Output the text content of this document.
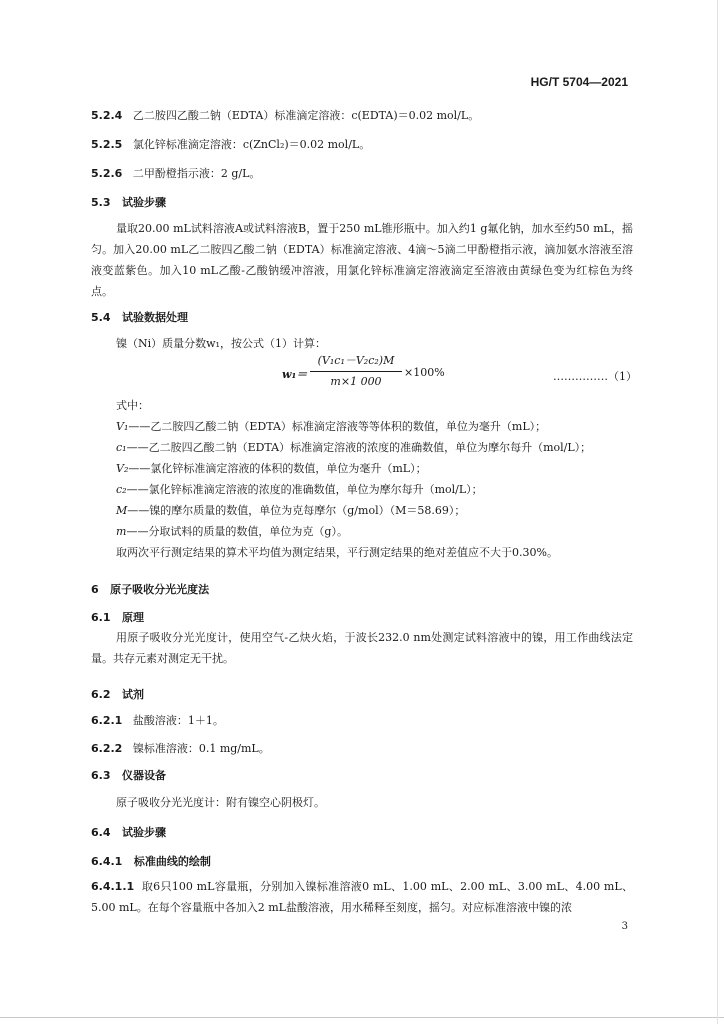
HG/T 5704—2021
5.2.4 乙二胺四乙酸二钠（EDTA）标准滴定溶液：c(EDTA)＝0.02 mol/L。
5.2.5 氯化锌标准滴定溶液：c(ZnCl₂)＝0.02 mol/L。
5.2.6 二甲酚橙指示液：2 g/L。
5.3 试验步骤
量取20.00 mL试料溶液A或试料溶液B，置于250 mL锥形瓶中。加入约1 g氟化钠，加水至约50 mL，摇匀。加入20.00 mL乙二胺四乙酸二钠（EDTA）标准滴定溶液、4滴～5滴二甲酚橙指示液，滴加氨水溶液至溶液变蓝紫色。加入10 mL乙酸-乙酸钠缓冲溶液，用氯化锌标准滴定溶液滴定至溶液由黄绿色变为红棕色为终点。
5.4 试验数据处理
镍（Ni）质量分数w₁，按公式（1）计算：
w₁＝
(V₁c₁－V₂c₂)M
m×1 000
×100%	……………（1）
式中：
V₁——乙二胺四乙酸二钠（EDTA）标准滴定溶液等等体积的数值，单位为毫升（mL）；
c₁——乙二胺四乙酸二钠（EDTA）标准滴定溶液的浓度的准确数值，单位为摩尔每升（mol/L）；
V₂——氯化锌标准滴定溶液的体积的数值，单位为毫升（mL）；
c₂——氯化锌标准滴定溶液的浓度的准确数值，单位为摩尔每升（mol/L）；
M——镍的摩尔质量的数值，单位为克每摩尔（g/mol）（M＝58.69）；
m——分取试料的质量的数值，单位为克（g）。
取两次平行测定结果的算术平均值为测定结果，平行测定结果的绝对差值应不大于0.30%。
6 原子吸收分光光度法
6.1 原理
用原子吸收分光光度计，使用空气-乙炔火焰，于波长232.0 nm处测定试料溶液中的镍，用工作曲线法定量。共存元素对测定无干扰。
6.2 试剂
6.2.1 盐酸溶液：1＋1。
6.2.2 镍标准溶液：0.1 mg/mL。
6.3 仪器设备
原子吸收分光光度计：附有镍空心阴极灯。
6.4 试验步骤
6.4.1 标准曲线的绘制
6.4.1.1 取6只100 mL容量瓶，分别加入镍标准溶液0 mL、1.00 mL、2.00 mL、3.00 mL、4.00 mL、5.00 mL。在每个容量瓶中各加入2 mL盐酸溶液，用水稀释至刻度，摇匀。对应标准溶液中镍的浓
3
